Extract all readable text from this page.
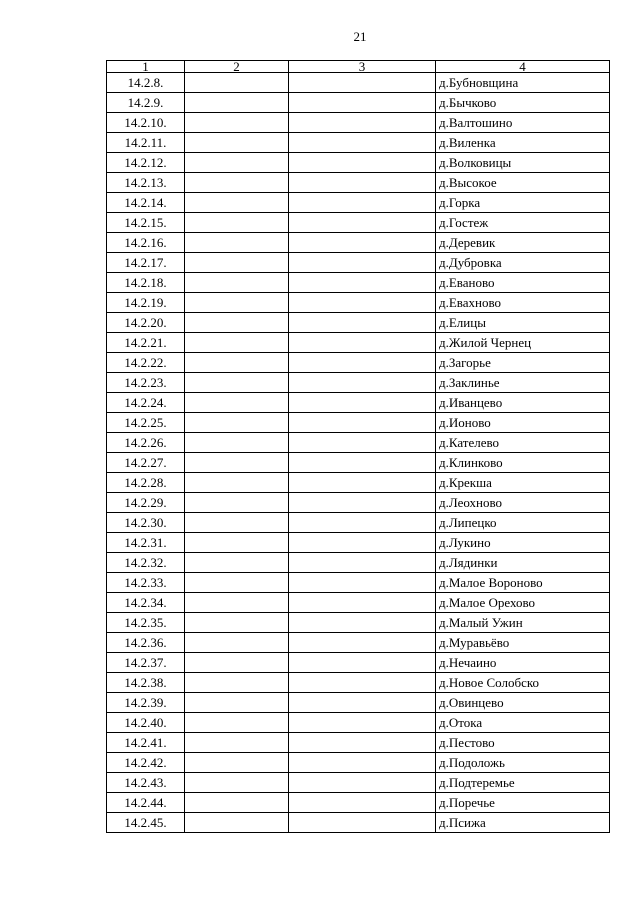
21
1	2	3	4
14.2.8.			д.Бубновщина
14.2.9.			д.Бычково
14.2.10.			д.Валтошино
14.2.11.			д.Виленка
14.2.12.			д.Волковицы
14.2.13.			д.Высокое
14.2.14.			д.Горка
14.2.15.			д.Гостеж
14.2.16.			д.Деревик
14.2.17.			д.Дубровка
14.2.18.			д.Еваново
14.2.19.			д.Евахново
14.2.20.			д.Елицы
14.2.21.			д.Жилой Чернец
14.2.22.			д.Загорье
14.2.23.			д.Заклинье
14.2.24.			д.Иванцево
14.2.25.			д.Ионово
14.2.26.			д.Кателево
14.2.27.			д.Клинково
14.2.28.			д.Крекша
14.2.29.			д.Леохново
14.2.30.			д.Липецко
14.2.31.			д.Лукино
14.2.32.			д.Лядинки
14.2.33.			д.Малое Вороново
14.2.34.			д.Малое Орехово
14.2.35.			д.Малый Ужин
14.2.36.			д.Муравьёво
14.2.37.			д.Нечаино
14.2.38.			д.Новое Солобско
14.2.39.			д.Овинцево
14.2.40.			д.Отока
14.2.41.			д.Пестово
14.2.42.			д.Подоложь
14.2.43.			д.Подтеремье
14.2.44.			д.Поречье
14.2.45.			д.Псижа
